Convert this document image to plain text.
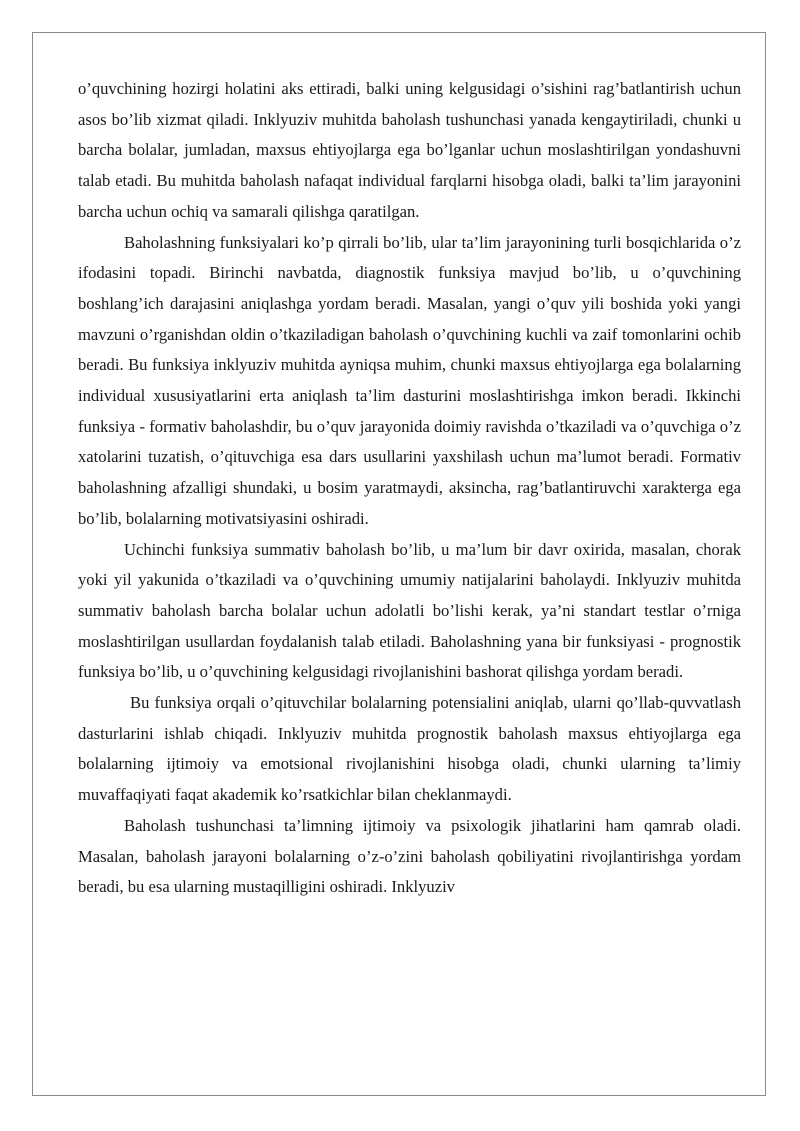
o’quvchining hozirgi holatini aks ettiradi, balki uning kelgusidagi o’sishini rag’batlantirish uchun asos bo’lib xizmat qiladi. Inklyuziv muhitda baholash tushunchasi yanada kengaytiriladi, chunki u barcha bolalar, jumladan, maxsus ehtiyojlarga ega bo’lganlar uchun moslashtirilgan yondashuvni talab etadi. Bu muhitda baholash nafaqat individual farqlarni hisobga oladi, balki ta’lim jarayonini barcha uchun ochiq va samarali qilishga qaratilgan.

Baholashning funksiyalari ko’p qirrali bo’lib, ular ta’lim jarayonining turli bosqichlarida o’z ifodasini topadi. Birinchi navbatda, diagnostik funksiya mavjud bo’lib, u o’quvchining boshlang’ich darajasini aniqlashga yordam beradi. Masalan, yangi o’quv yili boshida yoki yangi mavzuni o’rganishdan oldin o’tkaziladigan baholash o’quvchining kuchli va zaif tomonlarini ochib beradi. Bu funksiya inklyuziv muhitda ayniqsa muhim, chunki maxsus ehtiyojlarga ega bolalarning individual xususiyatlarini erta aniqlash ta’lim dasturini moslashtirishga imkon beradi. Ikkinchi funksiya - formativ baholashdir, bu o’quv jarayonida doimiy ravishda o’tkaziladi va o’quvchiga o’z xatolarini tuzatish, o’qituvchiga esa dars usullarini yaxshilash uchun ma’lumot beradi. Formativ baholashning afzalligi shundaki, u bosim yaratmaydi, aksincha, rag’batlantiruvchi xarakterga ega bo’lib, bolalarning motivatsiyasini oshiradi.

Uchinchi funksiya summativ baholash bo’lib, u ma’lum bir davr oxirida, masalan, chorak yoki yil yakunida o’tkaziladi va o’quvchining umumiy natijalarini baholaydi. Inklyuziv muhitda summativ baholash barcha bolalar uchun adolatli bo’lishi kerak, ya’ni standart testlar o’rniga moslashtirilgan usullardan foydalanish talab etiladi. Baholashning yana bir funksiyasi - prognostik funksiya bo’lib, u o’quvchining kelgusidagi rivojlanishini bashorat qilishga yordam beradi.

Bu funksiya orqali o’qituvchilar bolalarning potensialini aniqlab, ularni qo’llab-quvvatlash dasturlarini ishlab chiqadi. Inklyuziv muhitda prognostik baholash maxsus ehtiyojlarga ega bolalarning ijtimoiy va emotsional rivojlanishini hisobga oladi, chunki ularning ta’limiy muvaffaqiyati faqat akademik ko’rsatkichlar bilan cheklanmaydi.

Baholash tushunchasi ta’limning ijtimoiy va psixologik jihatlarini ham qamrab oladi. Masalan, baholash jarayoni bolalarning o’z-o’zini baholash qobiliyatini rivojlantirishga yordam beradi, bu esa ularning mustaqilligini oshiradi. Inklyuziv
